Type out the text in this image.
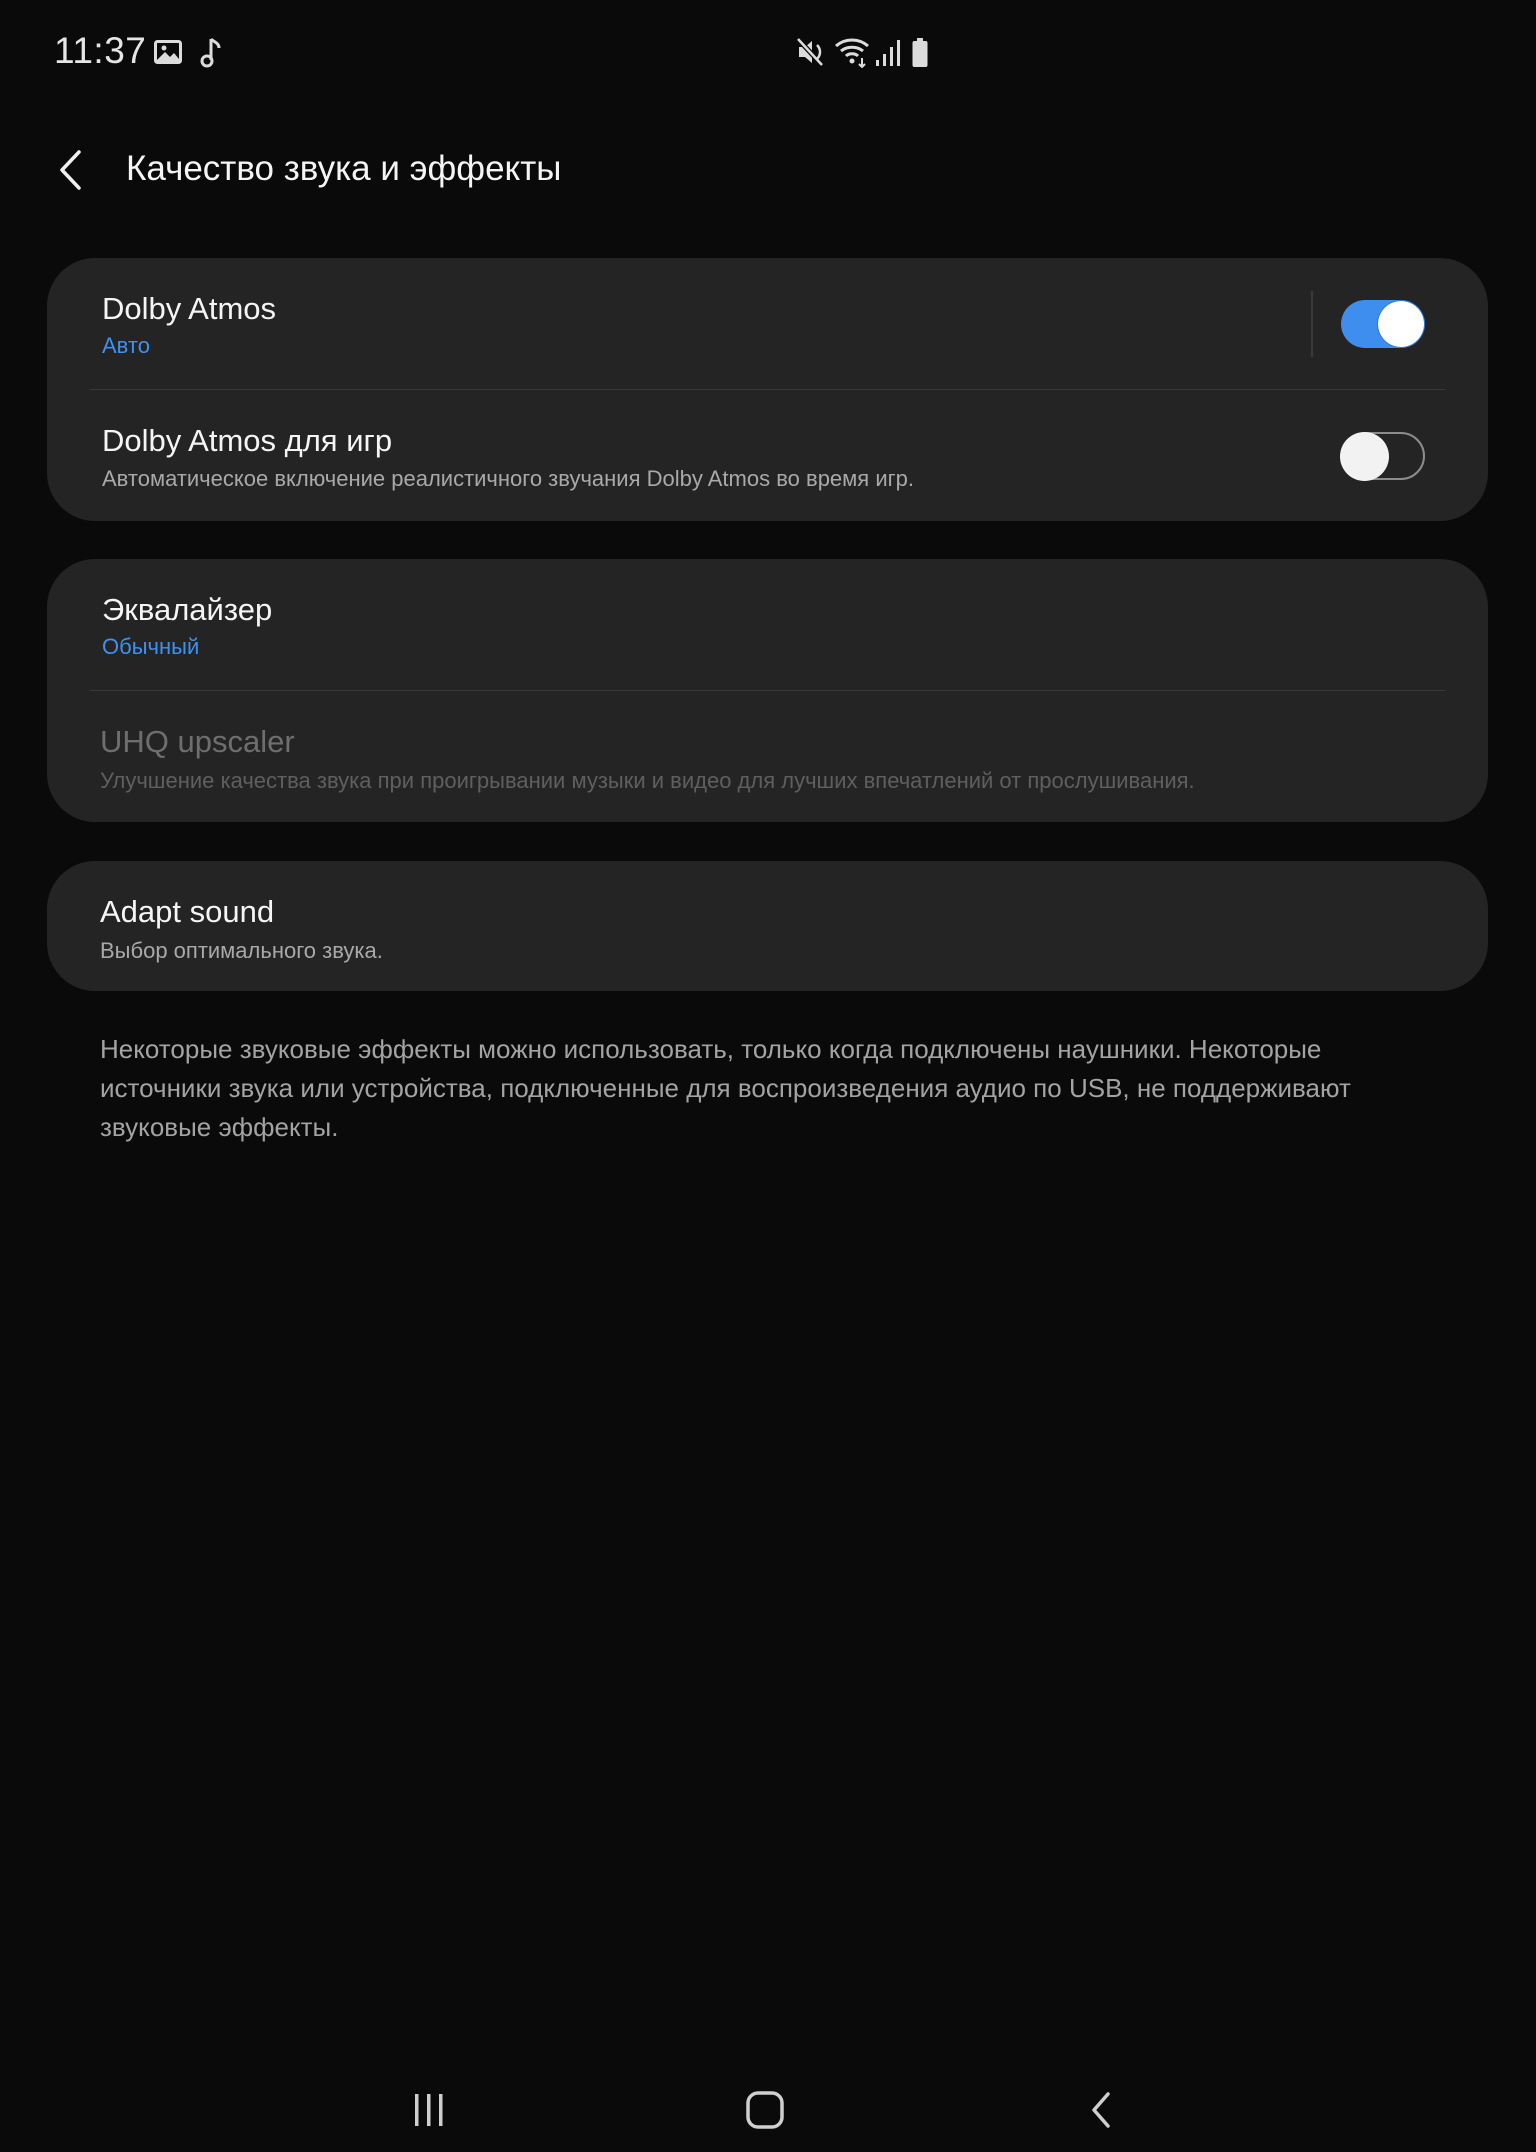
11:37
Качество звука и эффекты
Dolby Atmos
Авто
Dolby Atmos для игр
Автоматическое включение реалистичного звучания Dolby Atmos во время игр.
Эквалайзер
Обычный
UHQ upscaler
Улучшение качества звука при проигрывании музыки и видео для лучших впечатлений от прослушивания.
Adapt sound
Выбор оптимального звука.
Некоторые звуковые эффекты можно использовать, только когда подключены наушники. Некоторые источники звука или устройства, подключенные для воспроизведения аудио по USB, не поддерживают звуковые эффекты.
